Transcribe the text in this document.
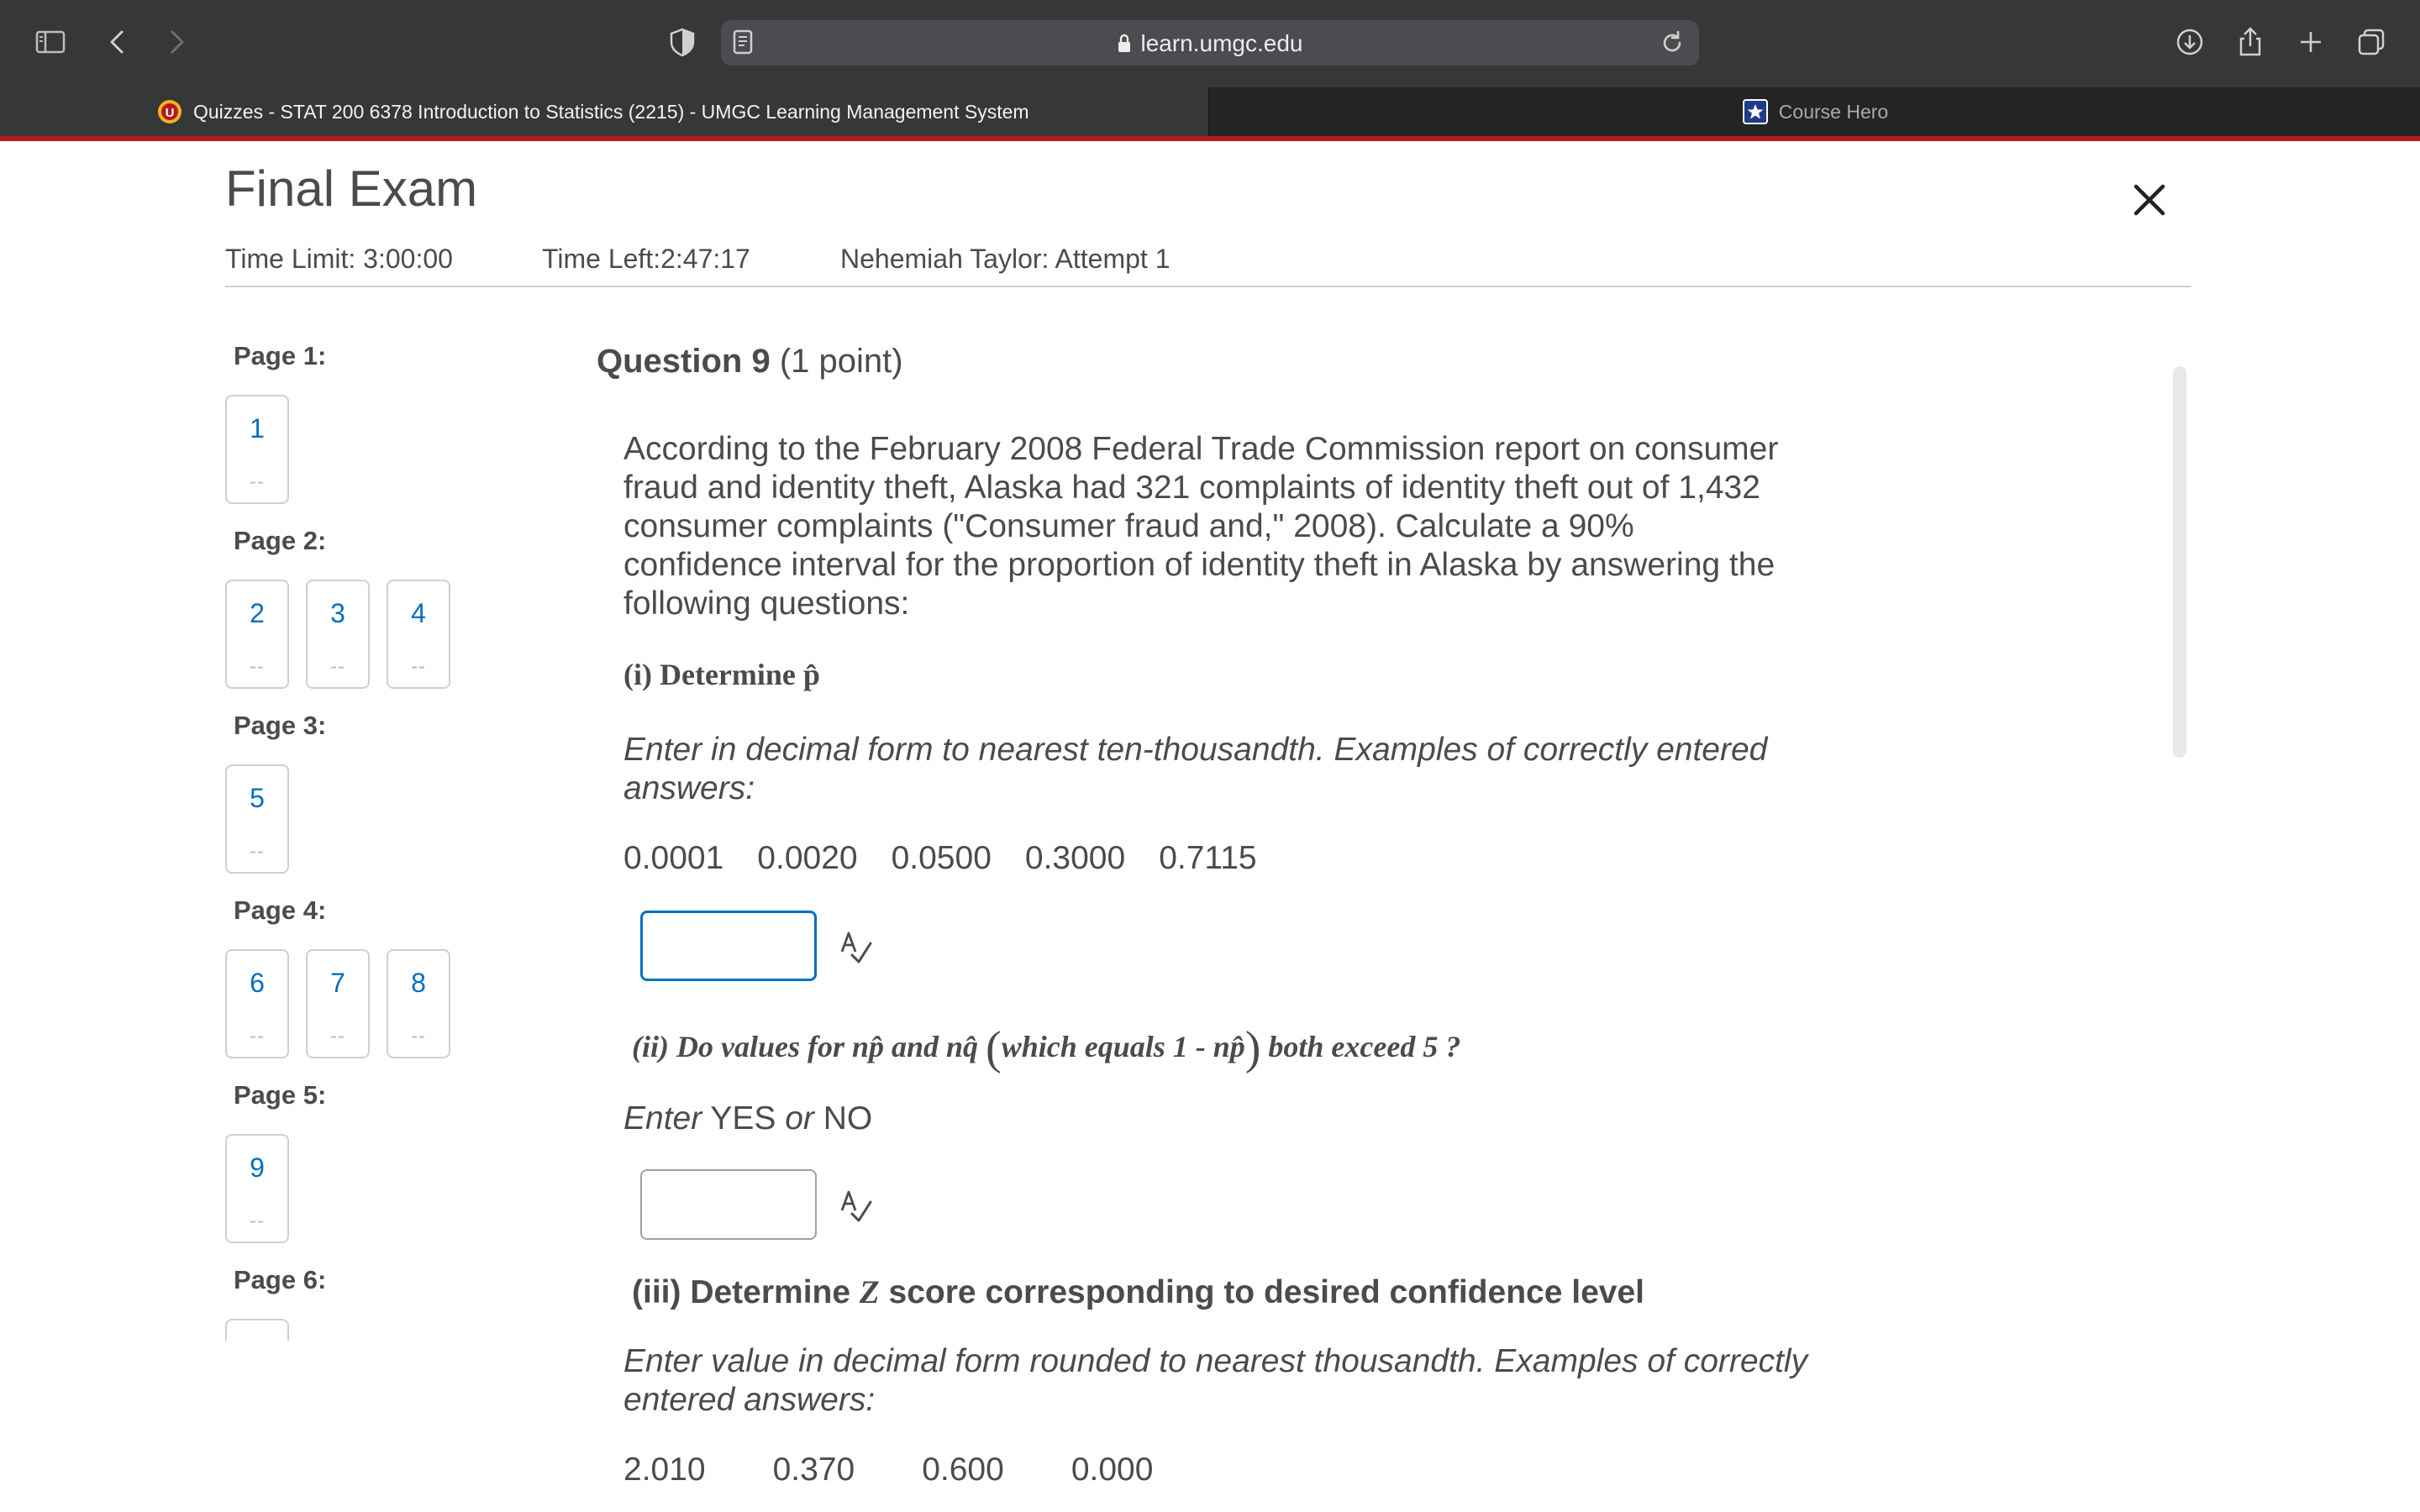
learn.umgc.edu
U Quizzes - STAT 200 6378 Introduction to Statistics (2215) - UMGC Learning Management System	Course Hero
Final Exam
Time Limit: 3:00:00	Time Left:2:47:17	Nehemiah Taylor: Attempt 1
Page 1:
1
--
Page 2:
2
--
3
--
4
--
Page 3:
5
--
Page 4:
6
--
7
--
8
--
Page 5:
9
--
Page 6:
Question 9 (1 point)
According to the February 2008 Federal Trade Commission report on consumer fraud and identity theft, Alaska had 321 complaints of identity theft out of 1,432 consumer complaints ("Consumer fraud and," 2008). Calculate a 90% confidence interval for the proportion of identity theft in Alaska by answering the following questions:
(i) Determine p̂
Enter in decimal form to nearest ten-thousandth. Examples of correctly entered answers:
0.0001 0.0020 0.0500 0.3000 0.7115
(ii) Do values for np̂ and nq̂ (which equals 1 - np̂) both exceed 5 ?
Enter YES or NO
(iii) Determine Z score corresponding to desired confidence level
Enter value in decimal form rounded to nearest thousandth. Examples of correctly entered answers:
2.010 0.370 0.600 0.000
